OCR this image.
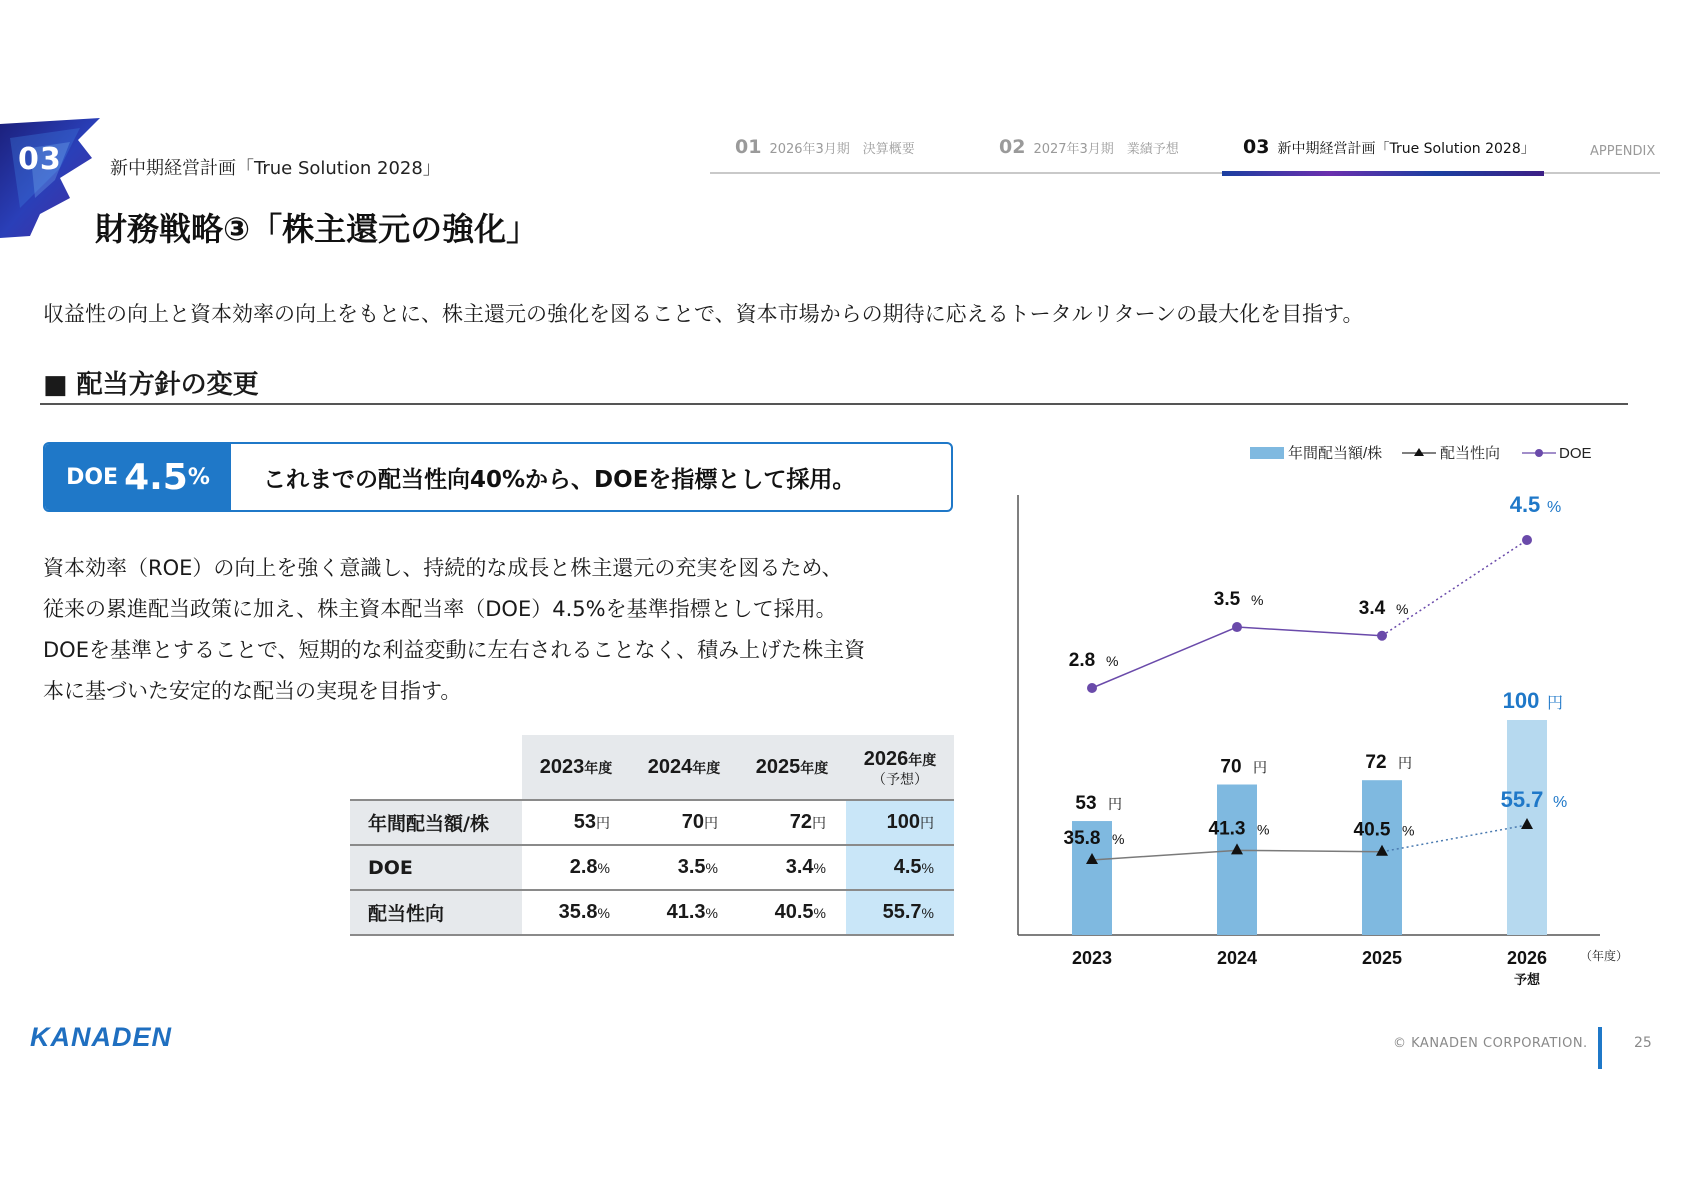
03	新中期経営計画「True Solution 2028」
財務戦略③「株主還元の強化」
01 2026年3月期　決算概要	02 2027年3月期　業績予想	03 新中期経営計画「True Solution 2028」	APPENDIX
収益性の向上と資本効率の向上をもとに、株主還元の強化を図ることで、資本市場からの期待に応えるトータルリターンの最大化を目指す。
■ 配当方針の変更
DOE 4.5 % これまでの配当性向40%から、DOEを指標として採用。
資本効率（ROE）の向上を強く意識し、持続的な成長と株主還元の充実を図るため、
従来の累進配当政策に加え、株主資本配当率（DOE）4.5%を基準指標として採用。
DOEを基準とすることで、短期的な利益変動に左右されることなく、積み上げた株主資
本に基づいた安定的な配当の実現を目指す。
	2023年度	2024年度	2025年度	2026年度
（予想）

年間配当額/株	53円	70円	72円	100円
DOE	2.8%	3.5%	3.4%	4.5%
配当性向	35.8%	41.3%	40.5%	55.7%
年間配当額/株	配当性向	DOE
53 円
70 円	72 円
100 円
35.8 %	41.3 %	40.5 %
55.7 %
2.8 %
3.5 %	3.4 %
4.5 %
2023	2024	2025	2026
予想
（年度）
KANADEN	© KANADEN CORPORATION.	25
